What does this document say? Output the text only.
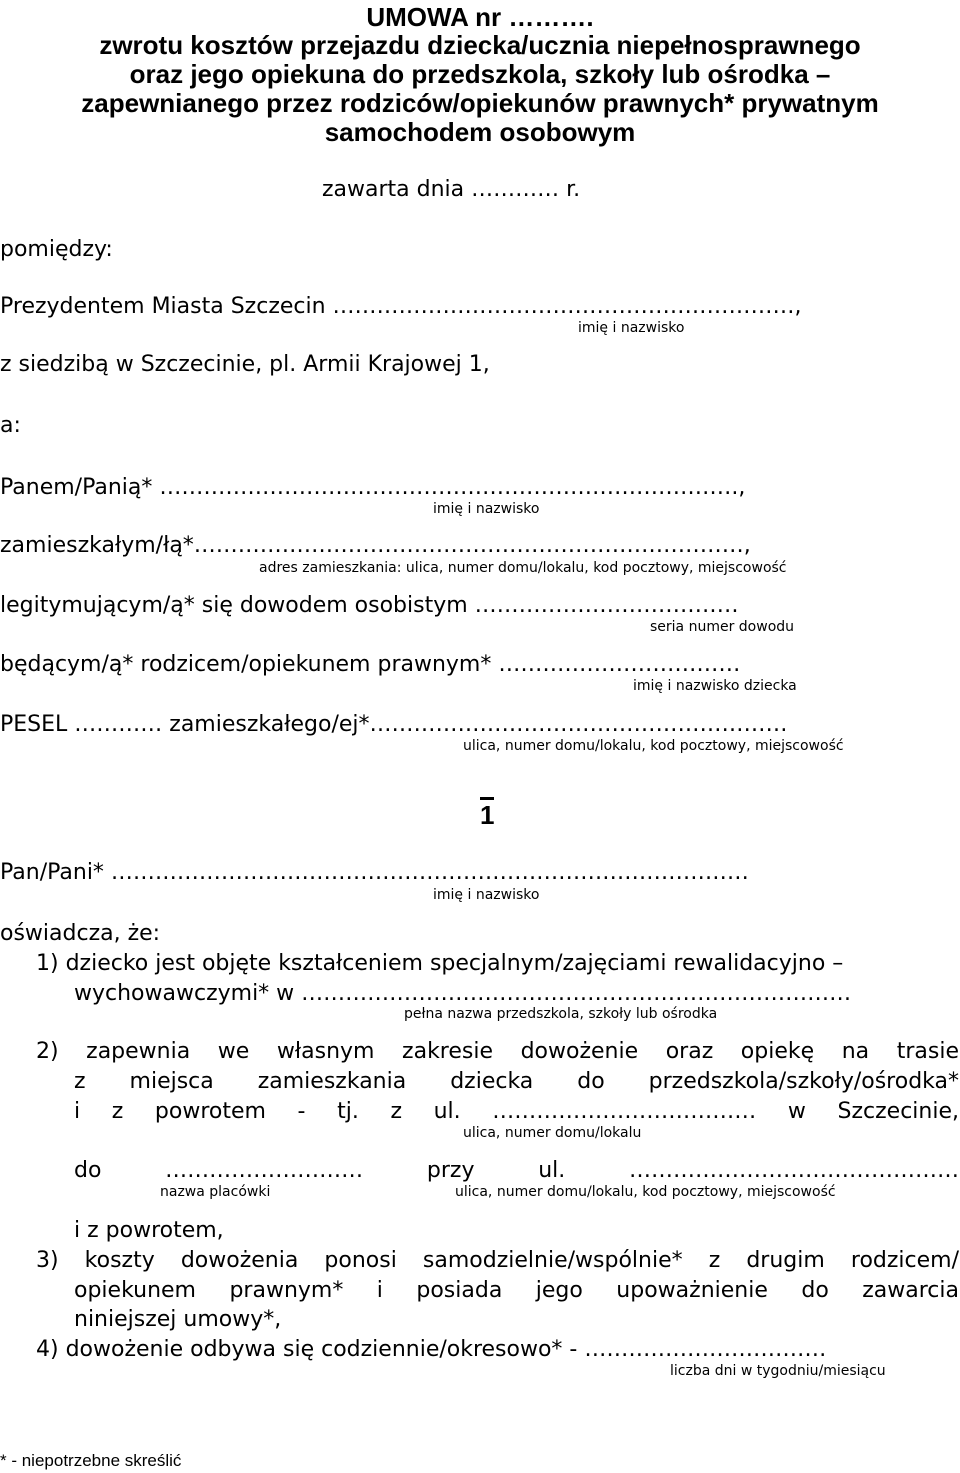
UMOWA nr ……….
zwrotu kosztów przejazdu dziecka/ucznia niepełnosprawnego
oraz jego opiekuna do przedszkola, szkoły lub ośrodka –
zapewnianego przez rodziców/opiekunów prawnych* prywatnym
samochodem osobowym
zawarta dnia ………… r.
pomiędzy:
Prezydentem Miasta Szczecin ………………………………………………………,
imię i nazwisko
z siedzibą w Szczecinie, pl. Armii Krajowej 1,
a:
Panem/Panią* …………………………………………………………………….,
imię i nazwisko
zamieszkałym/łą*…………………………………………………………………,
adres zamieszkania: ulica, numer domu/lokalu, kod pocztowy, miejscowość
legitymującym/ą* się dowodem osobistym ………………………………
seria numer dowodu
będącym/ą* rodzicem/opiekunem prawnym* ……………………………
imię i nazwisko dziecka
PESEL ………… zamieszkałego/ej*…………………………………………………
ulica, numer domu/lokalu, kod pocztowy, miejscowość
1
Pan/Pani* ……………………………………………………………………………
imię i nazwisko
oświadcza, że:
1) dziecko jest objęte kształceniem specjalnym/zajęciami rewalidacyjno –
wychowawczymi* w …………………………………………………………………
pełna nazwa przedszkola, szkoły lub ośrodka
2) zapewnia we własnym zakresie dowożenie oraz opiekę na trasie
z miejsca zamieszkania dziecka do przedszkola/szkoły/ośrodka*
i z powrotem - tj. z ul. ……………………………… w Szczecinie,
ulica, numer domu/lokalu
do ……………………… przy ul. ………………………………………
nazwa placówki	ulica, numer domu/lokalu, kod pocztowy, miejscowość
i z powrotem,
3) koszty dowożenia ponosi samodzielnie/wspólnie* z drugim rodzicem/
opiekunem prawnym* i posiada jego upoważnienie do zawarcia
niniejszej umowy*,
4) dowożenie odbywa się codziennie/okresowo* - ……………………………
liczba dni w tygodniu/miesiącu
* - niepotrzebne skreślić
